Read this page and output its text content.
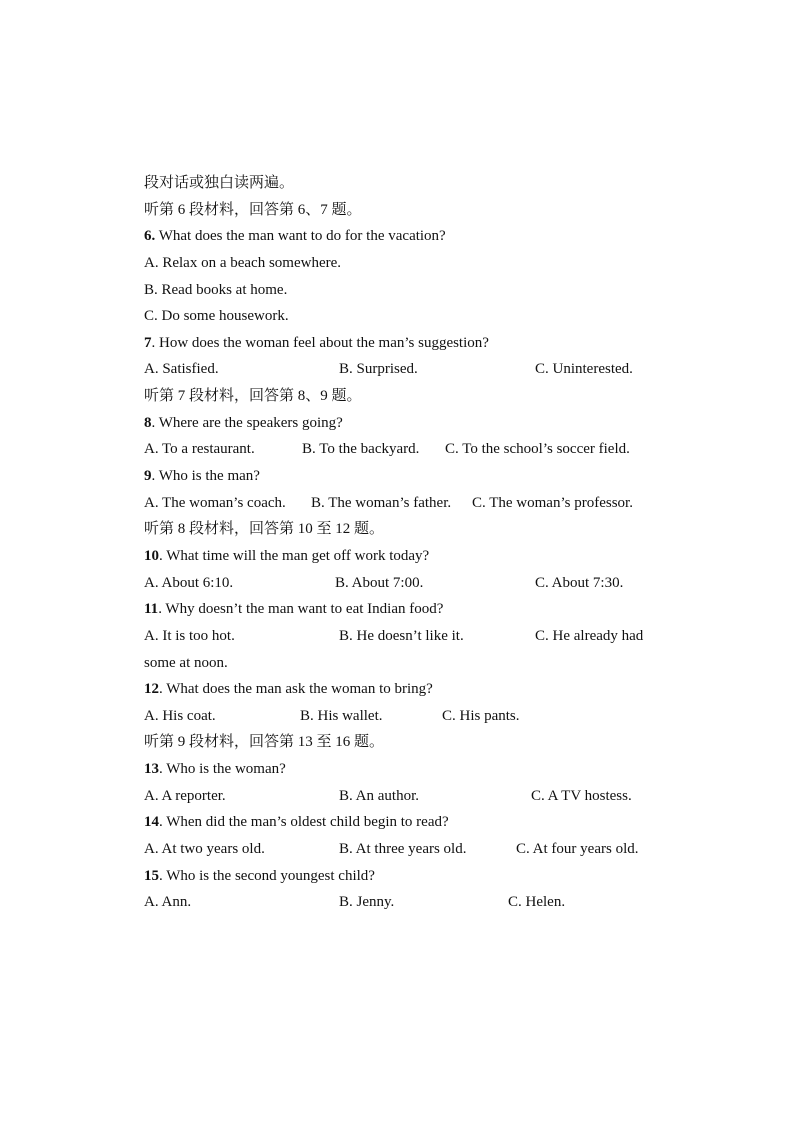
段对话或独白读两遍。
听第 6 段材料，回答第 6、7 题。
6. What does the man want to do for the vacation?
A. Relax on a beach somewhere.
B. Read books at home.
C. Do some housework.
7. How does the woman feel about the man’s suggestion?
A. Satisfied.	B. Surprised.	C. Uninterested.
听第 7 段材料，回答第 8、9 题。
8. Where are the speakers going?
A. To a restaurant.	B. To the backyard. C. To the school’s soccer field.
9. Who is the man?
A. The woman’s coach. B. The woman’s father. C. The woman’s professor.
听第 8 段材料，回答第 10 至 12 题。
10. What time will the man get off work today?
A. About 6:10.	B. About 7:00.	C. About 7:30.
11. Why doesn’t the man want to eat Indian food?
A. It is too hot.	B. He doesn’t like it.	C. He already had
some at noon.
12. What does the man ask the woman to bring?
A. His coat.	B. His wallet.	C. His pants.
听第 9 段材料，回答第 13 至 16 题。
13. Who is the woman?
A. A reporter.	B. An author.	C. A TV hostess.
14. When did the man’s oldest child begin to read?
A. At two years old.	B. At three years old.	C. At four years old.
15. Who is the second youngest child?
A. Ann.	B. Jenny.	C. Helen.
